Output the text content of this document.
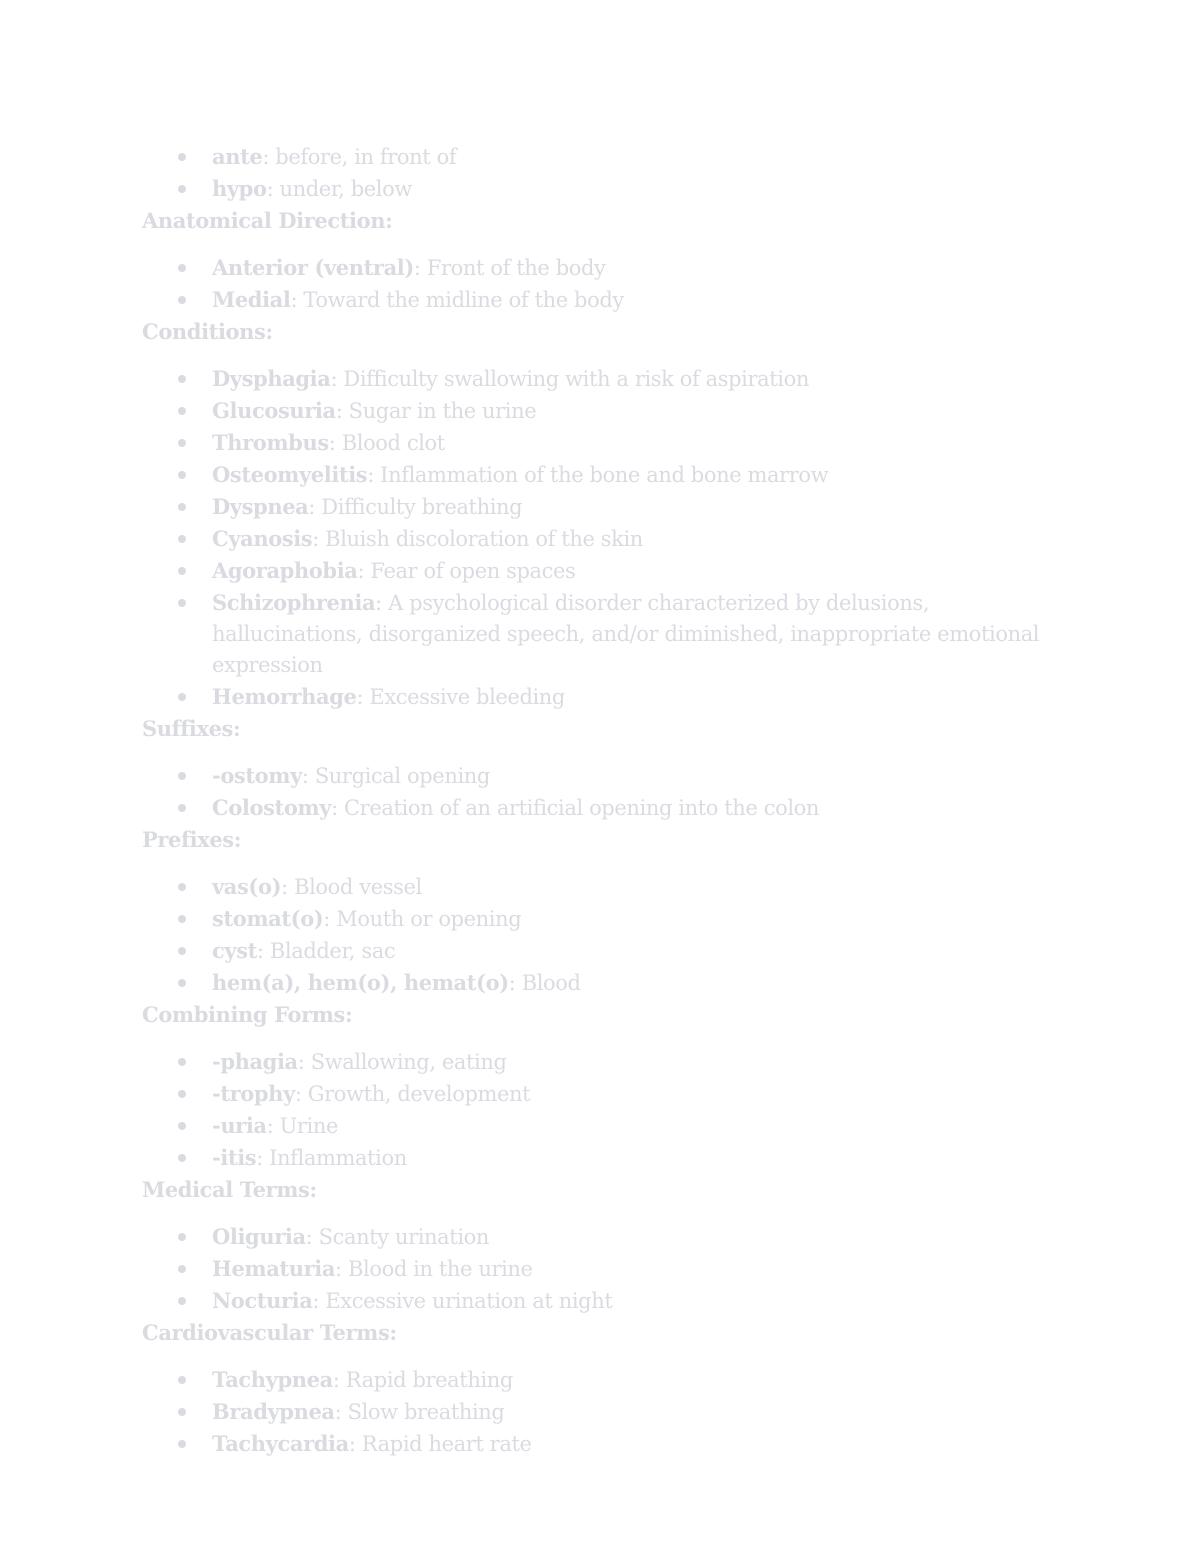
ante: before, in front of
hypo: under, below
Anatomical Direction:
Anterior (ventral): Front of the body
Medial: Toward the midline of the body
Conditions:
Dysphagia: Difficulty swallowing with a risk of aspiration
Glucosuria: Sugar in the urine
Thrombus: Blood clot
Osteomyelitis: Inflammation of the bone and bone marrow
Dyspnea: Difficulty breathing
Cyanosis: Bluish discoloration of the skin
Agoraphobia: Fear of open spaces
Schizophrenia: A psychological disorder characterized by delusions, hallucinations, disorganized speech, and/or diminished, inappropriate emotional expression
Hemorrhage: Excessive bleeding
Suffixes:
-ostomy: Surgical opening
Colostomy: Creation of an artificial opening into the colon
Prefixes:
vas(o): Blood vessel
stomat(o): Mouth or opening
cyst: Bladder, sac
hem(a), hem(o), hemat(o): Blood
Combining Forms:
-phagia: Swallowing, eating
-trophy: Growth, development
-uria: Urine
-itis: Inflammation
Medical Terms:
Oliguria: Scanty urination
Hematuria: Blood in the urine
Nocturia: Excessive urination at night
Cardiovascular Terms:
Tachypnea: Rapid breathing
Bradypnea: Slow breathing
Tachycardia: Rapid heart rate
